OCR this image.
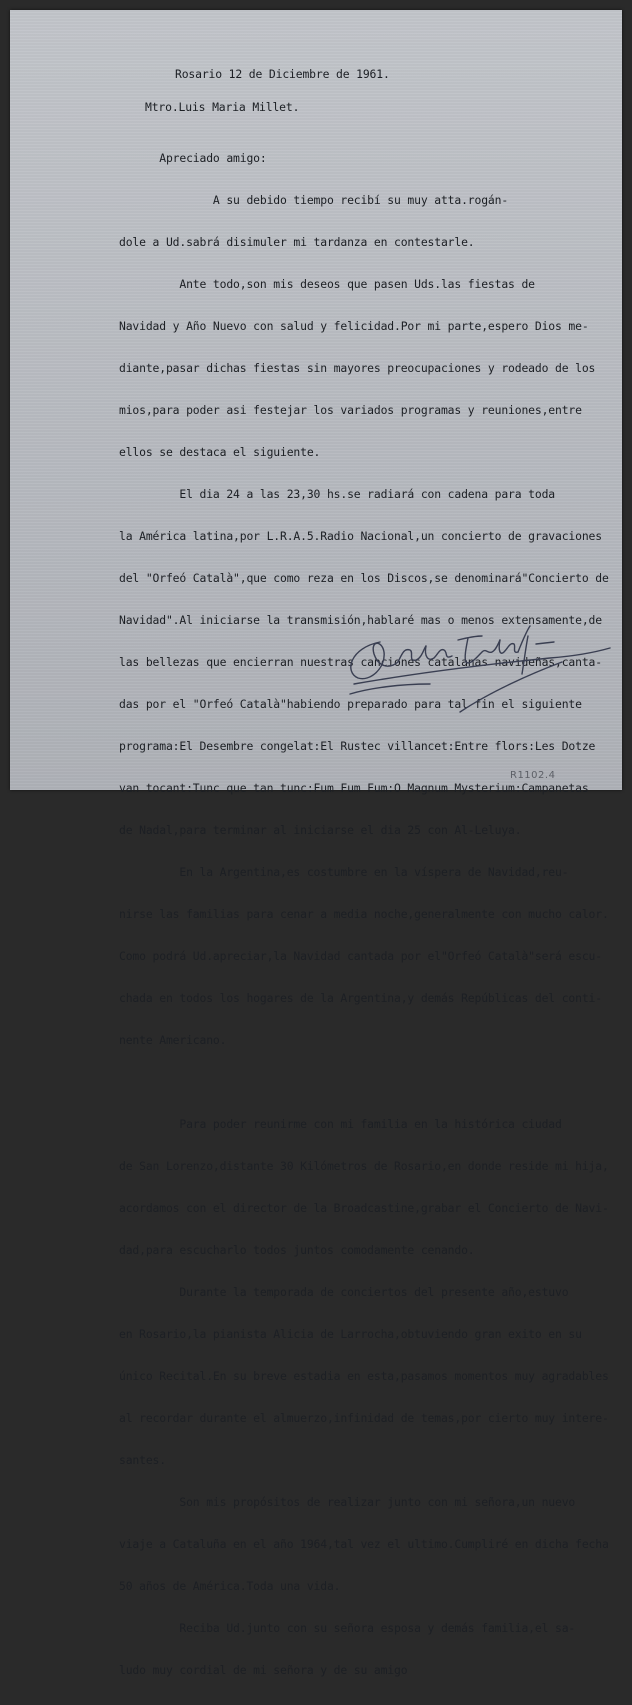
Rosario 12 de Diciembre de 1961.
Mtro.Luis Maria Millet.

Apreciado amigo:

A su debido tiempo recibí su muy atta.rogán-

dole a Ud.sabrá disimuler mi tardanza en contestarle.

Ante todo,son mis deseos que pasen Uds.las fiestas de

Navidad y Año Nuevo con salud y felicidad.Por mi parte,espero Dios me-

diante,pasar dichas fiestas sin mayores preocupaciones y rodeado de los

mios,para poder asi festejar los variados programas y reuniones,entre

ellos se destaca el siguiente.

El dia 24 a las 23,30 hs.se radiará con cadena para toda

la América latina,por L.R.A.5.Radio Nacional,un concierto de gravaciones

del "Orfeó Català",que como reza en los Discos,se denominará"Concierto de

Navidad".Al iniciarse la transmisión,hablaré mas o menos extensamente,de

las bellezas que encierran nuestras canciones catalanas navideñas,canta-

das por el "Orfeó Català"habiendo preparado para tal fin el siguiente

programa:El Desembre congelat:El Rustec villancet:Entre flors:Les Dotze

van tocant:Tunc que tan tunc:Fum Fum Fum:O Magnum Mysterium:Campanetas

de Nadal,para terminar al iniciarse el dia 25 con Al-Leluya.

En la Argentina,es costumbre en la víspera de Navidad,reu-

nirse las familias para cenar a media noche,generalmente con mucho calor.

Como podrá Ud.apreciar,la Navidad cantada por el"Orfeó Català"será escu-

chada en todos los hogares de la Argentina,y demás Repúblicas del conti-

nente Americano.

Para poder reunirme con mi familia en la histórica ciudad

de San Lorenzo,distante 30 Kilómetros de Rosario,en donde reside mi hija,

acordamos con el director de la Broadcastine,grabar el Concierto de Navi-

dad,para escucharlo todos juntos comodamente cenando.

Durante la temporada de conciertos del presente año,estuvo

en Rosario,la pianista Alicia de Larrocha,obtuviendo gran exito en su

único Recital.En su breve estadia en esta,pasamos momentos muy agradables

al recordar durante el almuerzo,infinidad de temas,por cierto muy intere-

santes.

Son mis propósitos de realizar junto con mi señora,un nuevo

viaje a Cataluña en el año 1964,tal vez el ultimo.Cumpliré en dicha fecha

50 años de América.Toda una vida.

Reciba Ud.junto con su señora esposa y demás familia,el sa-

ludo muy cordial de mi señora y de su amigo

R1102.4
